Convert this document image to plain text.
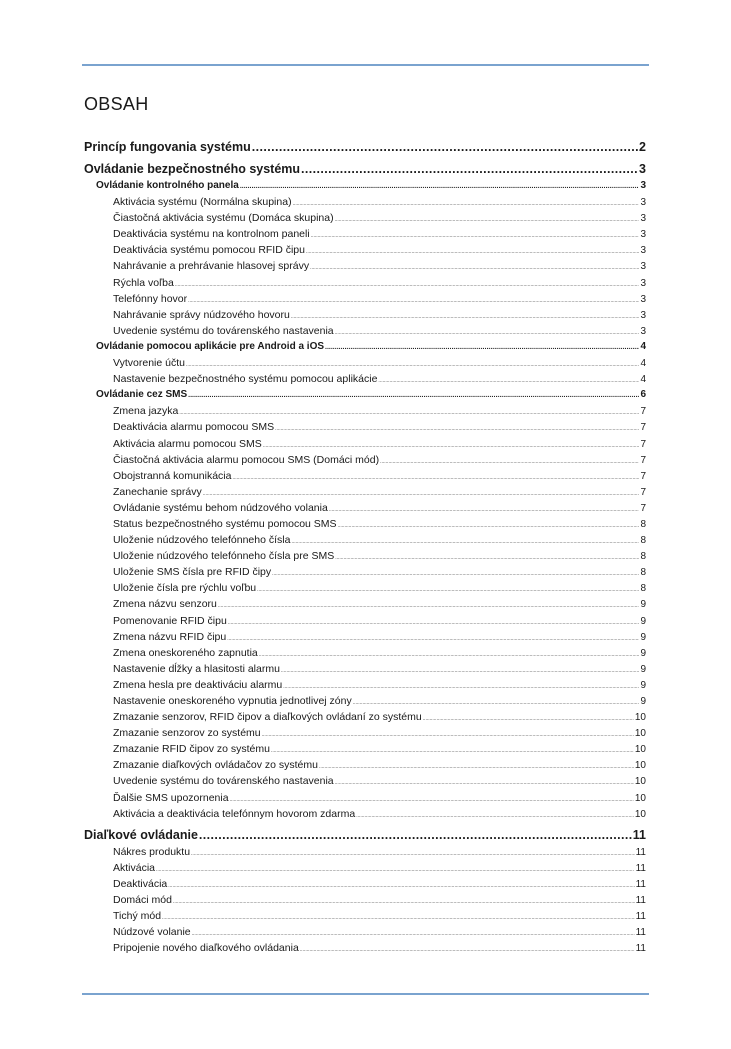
OBSAH
Princíp fungovania systému .....	2
Ovládanie bezpečnostného systému .....	3
Ovládanie kontrolného panela .....	3
Aktivácia systému (Normálna skupina) .....	3
Čiastočná aktivácia systému (Domáca skupina) .....	3
Deaktivácia systému na kontrolnom paneli .....	3
Deaktivácia systému pomocou RFID čipu .....	3
Nahrávanie a prehrávanie hlasovej správy .....	3
Rýchla voľba .....	3
Telefónny hovor .....	3
Nahrávanie správy núdzového hovoru .....	3
Uvedenie systému do továrenského nastavenia .....	3
Ovládanie pomocou aplikácie pre Android a iOS .....	4
Vytvorenie účtu .....	4
Nastavenie bezpečnostného systému pomocou aplikácie .....	4
Ovládanie cez SMS .....	6
Zmena jazyka .....	7
Deaktivácia alarmu pomocou SMS .....	7
Aktivácia alarmu pomocou SMS .....	7
Čiastočná aktivácia alarmu pomocou SMS (Domáci mód) .....	7
Obojstranná komunikácia .....	7
Zanechanie správy .....	7
Ovládanie systému behom núdzového volania .....	7
Status bezpečnostného systému pomocou SMS .....	8
Uloženie núdzového telefónneho čísla .....	8
Uloženie núdzového telefónneho čísla pre SMS .....	8
Uloženie SMS čísla pre RFID čipy .....	8
Uloženie čísla pre rýchlu voľbu .....	8
Zmena názvu senzoru .....	9
Pomenovanie RFID čipu .....	9
Zmena názvu RFID čipu .....	9
Zmena oneskoreného zapnutia .....	9
Nastavenie dĺžky a hlasitosti alarmu .....	9
Zmena hesla pre deaktiváciu alarmu .....	9
Nastavenie oneskoreného vypnutia jednotlivej zóny .....	9
Zmazanie senzorov, RFID čipov a diaľkových ovládaní zo systému .....	10
Zmazanie senzorov zo systému .....	10
Zmazanie RFID čipov zo systému .....	10
Zmazanie diaľkových ovládačov zo systému .....	10
Uvedenie systému do továrenského nastavenia .....	10
Ďalšie SMS upozornenia .....	10
Aktivácia a deaktivácia telefónnym hovorom zdarma .....	10
Diaľkové ovládanie .....	11
Nákres produktu .....	11
Aktivácia .....	11
Deaktivácia .....	11
Domáci mód .....	11
Tichý mód .....	11
Núdzové volanie .....	11
Pripojenie nového diaľkového ovládania .....	11
